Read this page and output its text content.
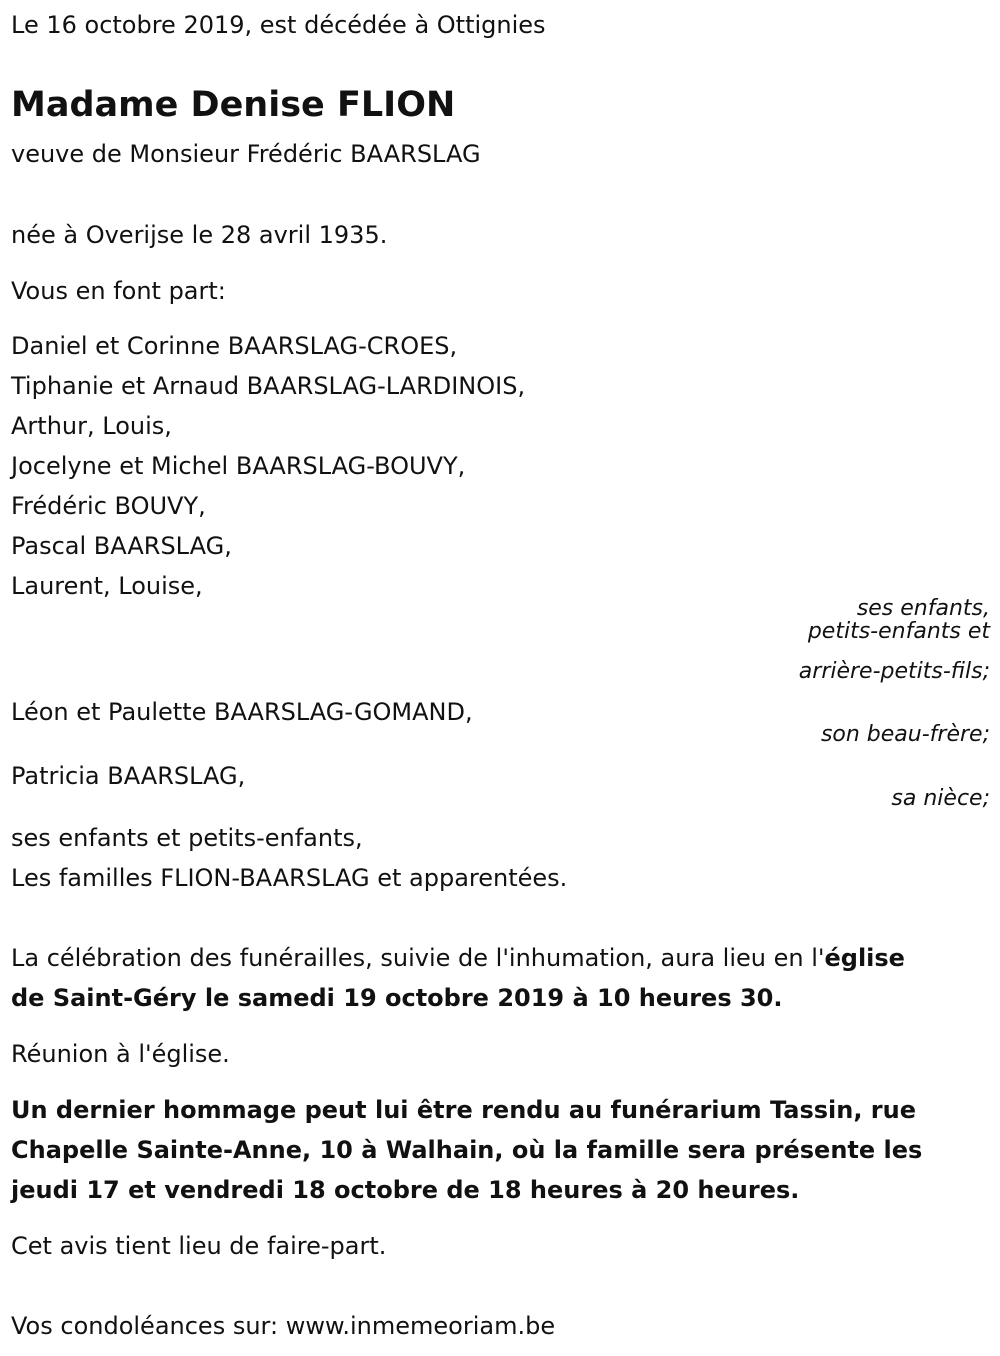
Le 16 octobre 2019, est décédée à Ottignies
Madame Denise FLION
veuve de Monsieur Frédéric BAARSLAG
née à Overijse le 28 avril 1935.
Vous en font part:
Daniel et Corinne BAARSLAG-CROES,
Tiphanie et Arnaud BAARSLAG-LARDINOIS,
Arthur, Louis,
Jocelyne et Michel BAARSLAG-BOUVY,
Frédéric BOUVY,
Pascal BAARSLAG,
Laurent, Louise,
ses enfants,
petits-enfants et
arrière-petits-fils;
Léon et Paulette BAARSLAG-GOMAND,
son beau-frère;
Patricia BAARSLAG,
sa nièce;
ses enfants et petits-enfants,
Les familles FLION-BAARSLAG et apparentées.
La célébration des funérailles, suivie de l'inhumation, aura lieu en l'église
de Saint-Géry le samedi 19 octobre 2019 à 10 heures 30.
Réunion à l'église.
Un dernier hommage peut lui être rendu au funérarium Tassin, rue
Chapelle Sainte-Anne, 10 à Walhain, où la famille sera présente les
jeudi 17 et vendredi 18 octobre de 18 heures à 20 heures.
Cet avis tient lieu de faire-part.
Vos condoléances sur: www.inmemeoriam.be
